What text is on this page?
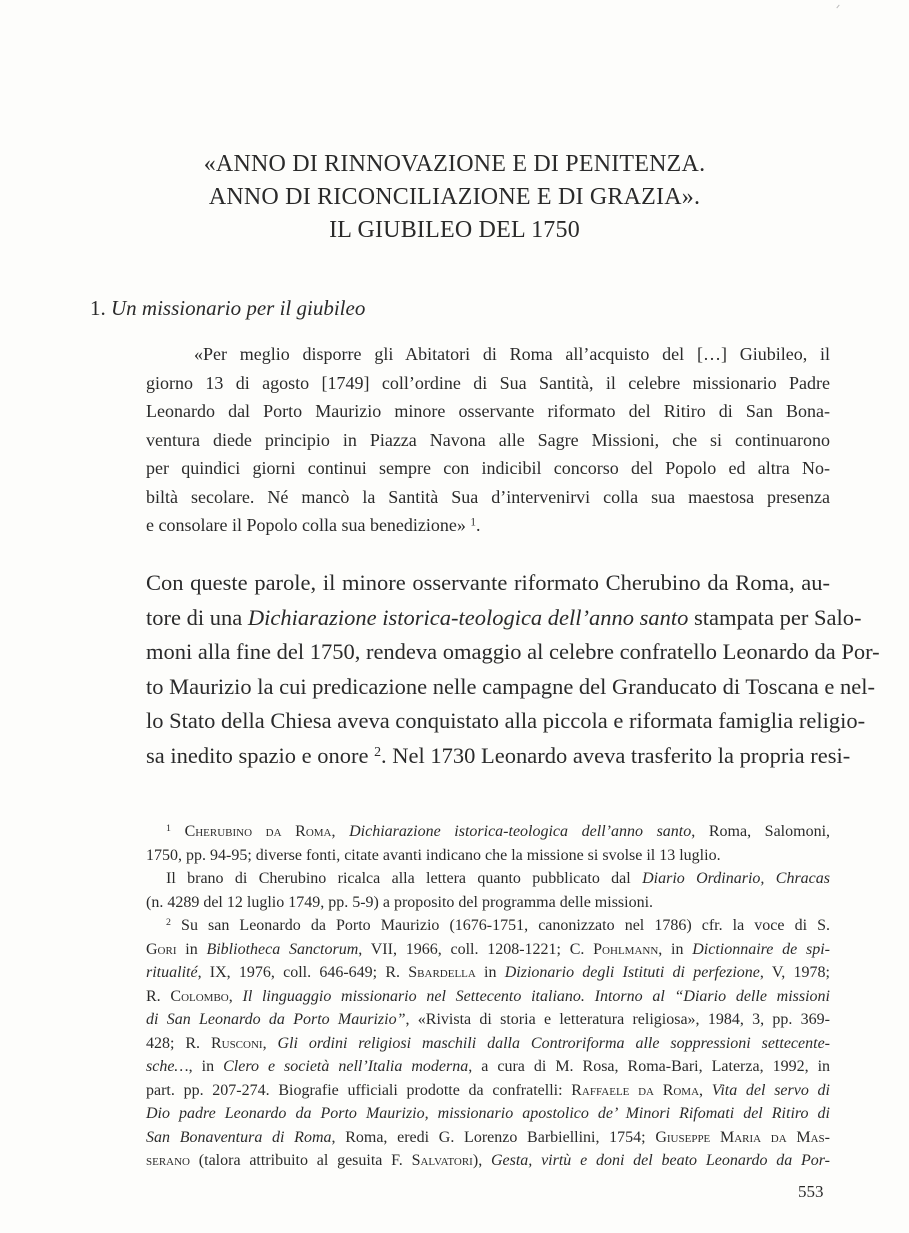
«ANNO DI RINNOVAZIONE E DI PENITENZA.
ANNO DI RICONCILIAZIONE E DI GRAZIA».
IL GIUBILEO DEL 1750
1. Un missionario per il giubileo
«Per meglio disporre gli Abitatori di Roma all’acquisto del […] Giubileo, il
giorno 13 di agosto [1749] coll’ordine di Sua Santità, il celebre missionario Padre
Leonardo dal Porto Maurizio minore osservante riformato del Ritiro di San Bona-
ventura diede principio in Piazza Navona alle Sagre Missioni, che si continuarono
per quindici giorni continui sempre con indicibil concorso del Popolo ed altra No-
biltà secolare. Né mancò la Santità Sua d’intervenirvi colla sua maestosa presenza
e consolare il Popolo colla sua benedizione» $^1$.
Con queste parole, il minore osservante riformato Cherubino da Roma, au-
tore di una Dichiarazione istorica-teologica dell’anno santo stampata per Salo-
moni alla fine del 1750, rendeva omaggio al celebre confratello Leonardo da Por-
to Maurizio la cui predicazione nelle campagne del Granducato di Toscana e nel-
lo Stato della Chiesa aveva conquistato alla piccola e riformata famiglia religio-
sa inedito spazio e onore $^2$. Nel 1730 Leonardo aveva trasferito la propria resi-
$^1$ Cherubino da Roma, Dichiarazione istorica-teologica dell’anno santo, Roma, Salomoni,
1750, pp. 94-95; diverse fonti, citate avanti indicano che la missione si svolse il 13 luglio.
Il brano di Cherubino ricalca alla lettera quanto pubblicato dal Diario Ordinario, Chracas
(n. 4289 del 12 luglio 1749, pp. 5-9) a proposito del programma delle missioni.
$^2$ Su san Leonardo da Porto Maurizio (1676-1751, canonizzato nel 1786) cfr. la voce di S.
Gori in Bibliotheca Sanctorum, VII, 1966, coll. 1208-1221; C. Pohlmann, in Dictionnaire de spi-
ritualité, IX, 1976, coll. 646-649; R. Sbardella in Dizionario degli Istituti di perfezione, V, 1978;
R. Colombo, Il linguaggio missionario nel Settecento italiano. Intorno al “Diario delle missioni
di San Leonardo da Porto Maurizio”, «Rivista di storia e letteratura religiosa», 1984, 3, pp. 369-
428; R. Rusconi, Gli ordini religiosi maschili dalla Controriforma alle soppressioni settecente-
sche…, in Clero e società nell’Italia moderna, a cura di M. Rosa, Roma-Bari, Laterza, 1992, in
part. pp. 207-274. Biografie ufficiali prodotte da confratelli: Raffaele da Roma, Vita del servo di
Dio padre Leonardo da Porto Maurizio, missionario apostolico de’ Minori Rifomati del Ritiro di
San Bonaventura di Roma, Roma, eredi G. Lorenzo Barbiellini, 1754; Giuseppe Maria da Mas-
serano (talora attribuito al gesuita F. Salvatori), Gesta, virtù e doni del beato Leonardo da Por-
553
